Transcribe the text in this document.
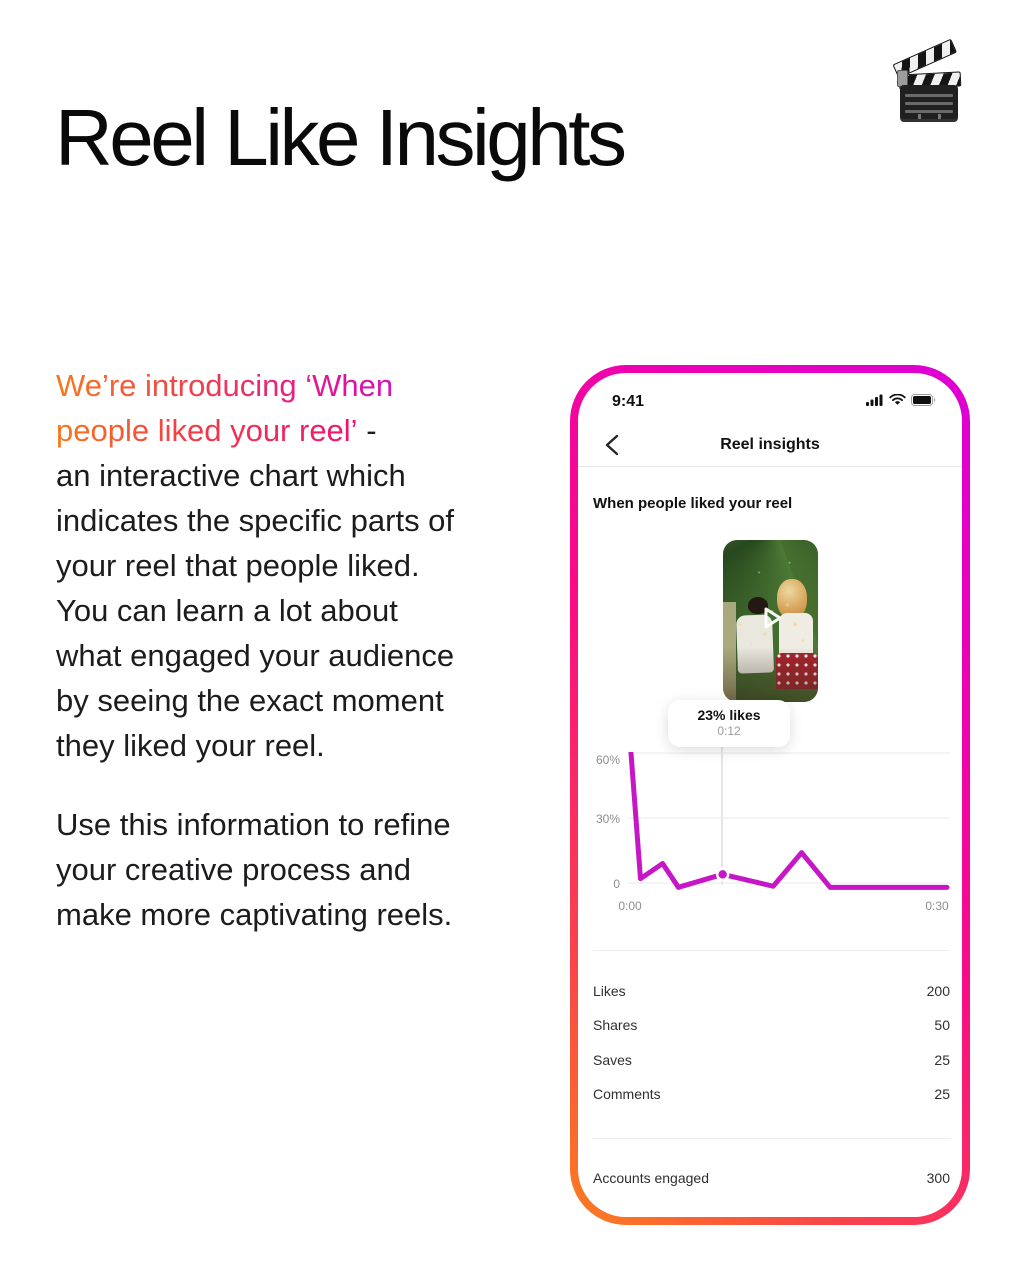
Reel Like Insights
We’re introducing ‘When
people liked your reel’ -
an interactive chart which
indicates the specific parts of
your reel that people liked.
You can learn a lot about
what engaged your audience
by seeing the exact moment
they liked your reel.
Use this information to refine
your creative process and
make more captivating reels.
9:41
Reel insights
When people liked your reel
23% likes
0:12
60%
30%
0
0:00	0:30
Likes	200
Shares	50
Saves	25
Comments	25
Accounts engaged	300
